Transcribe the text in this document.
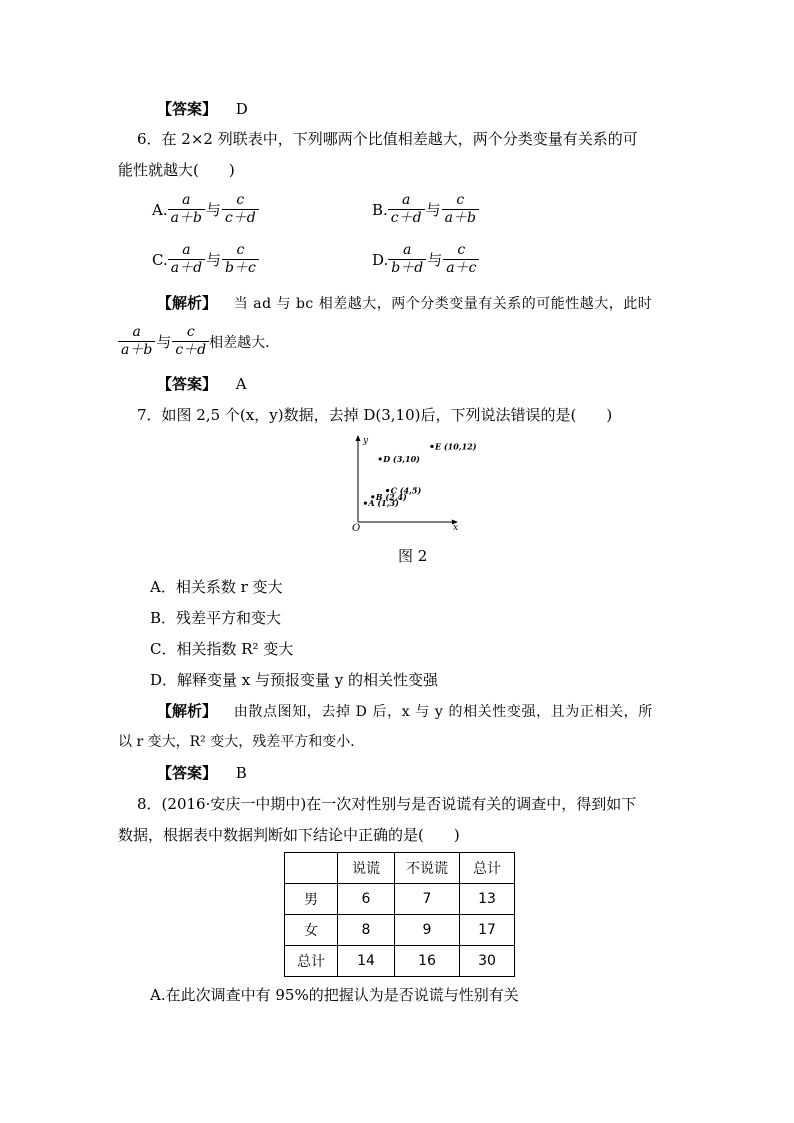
【答案】 D
6．在 2×2 列联表中，下列哪两个比值相差越大，两个分类变量有关系的可
能性就越大(　　)
A. $\frac{a}{a+b}$ 与 $\frac{c}{c+d}$	B. $\frac{a}{c+d}$ 与 $\frac{c}{a+b}$
C. $\frac{a}{a+d}$ 与 $\frac{c}{b+c}$	D. $\frac{a}{b+d}$ 与 $\frac{c}{a+c}$
【解析】 当 ad 与 bc 相差越大，两个分类变量有关系的可能性越大，此时
$\frac{a}{a+b}$ 与 $\frac{c}{c+d}$ 相差越大．
【答案】 A
7．如图 2,5 个(x，y)数据，去掉 D(3,10)后，下列说法错误的是(　　)
O	x
y
A (1,3)
B (2,4)
C (4,5)
D (3,10)
E (10,12)
图 2
A．相关系数 r 变大
B．残差平方和变大
C．相关指数 R² 变大
D．解释变量 x 与预报变量 y 的相关性变强
【解析】 由散点图知，去掉 D 后，x 与 y 的相关性变强，且为正相关，所
以 r 变大，R² 变大，残差平方和变小．
【答案】 B
8．(2016·安庆一中期中)在一次对性别与是否说谎有关的调查中，得到如下
数据，根据表中数据判断如下结论中正确的是(　　)
	说谎	不说谎	总计
男	6	7	13
女	8	9	17
总计	14	16	30
A.在此次调查中有 95%的把握认为是否说谎与性别有关
